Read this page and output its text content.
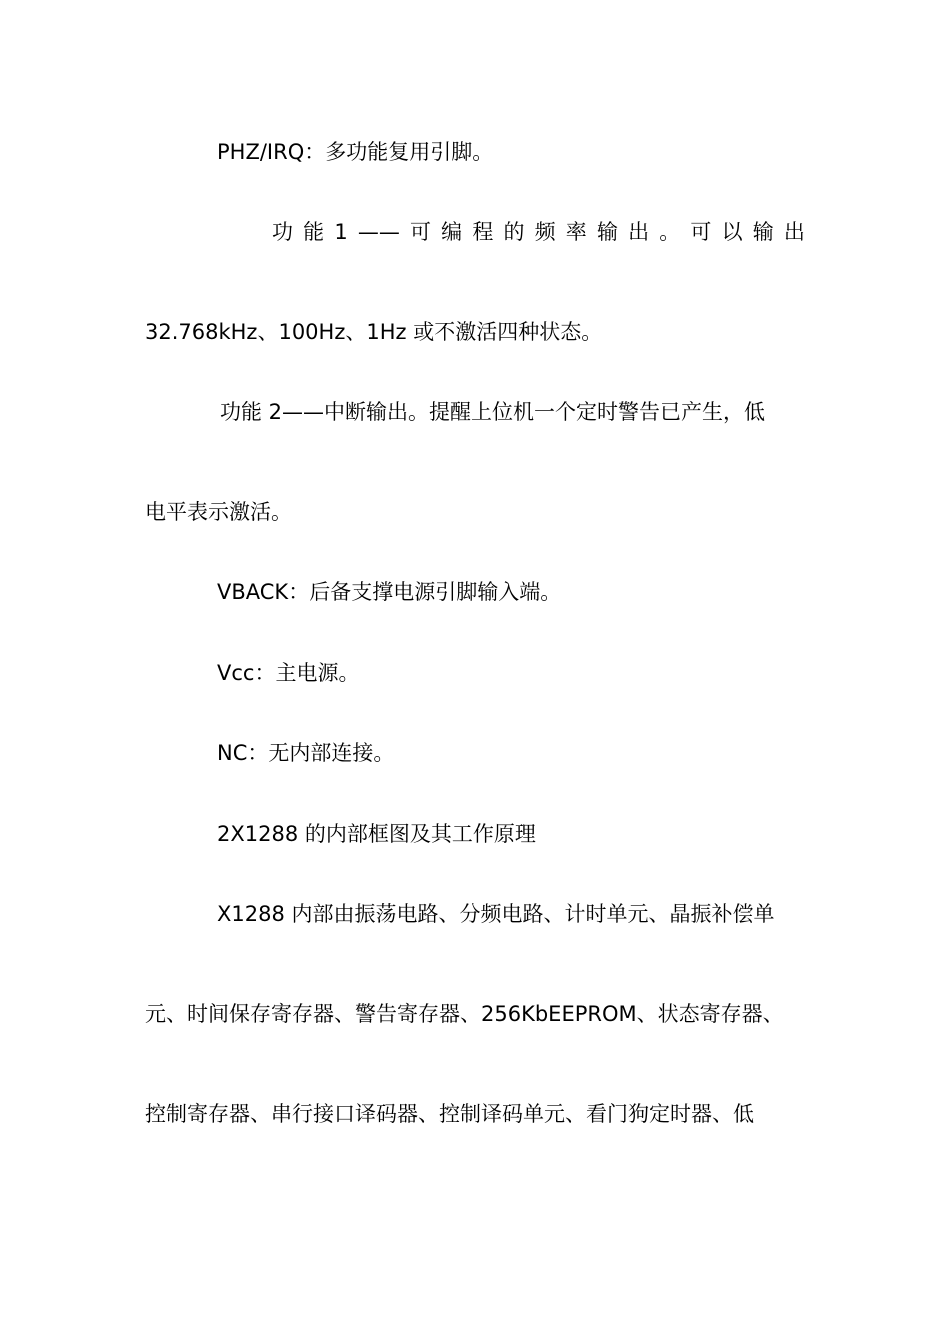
PHZ/IRQ：多功能复用引脚。
功 能 1 —— 可 编 程 的 频 率 输 出 。 可 以 输 出
32.768kHz、100Hz、1Hz 或不激活四种状态。
功能 2——中断输出。提醒上位机一个定时警告已产生，低
电平表示激活。
VBACK：后备支撑电源引脚输入端。
Vcc：主电源。
NC：无内部连接。
2X1288 的内部框图及其工作原理
X1288 内部由振荡电路、分频电路、计时单元、晶振补偿单
元、时间保存寄存器、警告寄存器、256KbEEPROM、状态寄存器、
控制寄存器、串行接口译码器、控制译码单元、看门狗定时器、低
